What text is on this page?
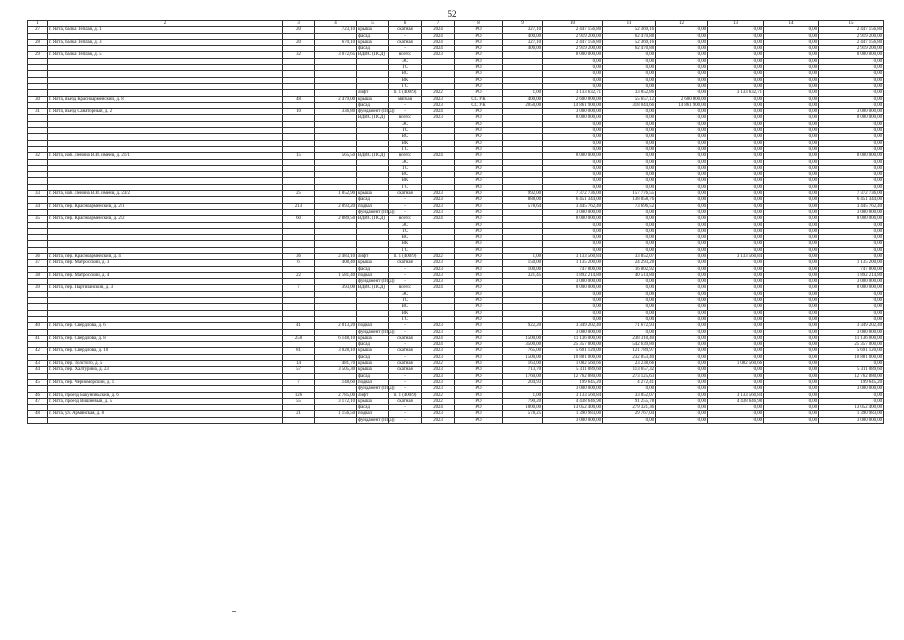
52
1	2	3	4	5	6	7	8	9	10	11	12	13	14	15
27	г. Ялта, балка Теплая, д. 1	20	723,10	крыша	скатная	2024	РО	327,10	2 447 156,80	52 369,16	0,00	0,00	0,00	2 447 156,80
				фасад	-	2024	РО	400,00	2 919 200,00	62 470,88	0,00	0,00	0,00	2 919 200,00
28	г. Ялта, балка Теплая, д. 3	20	670,10	крыша	скатная	2024	РО	327,10	2 447 156,80	52 369,16	0,00	0,00	0,00	2 447 156,80
				фасад	-	2024	РО	400,00	2 919 200,00	62 470,88	0,00	0,00	0,00	2 919 200,00
29	г. Ялта, балка Теплая, д. 5	32	3 072,65	ВДИС (ПСД)	всего:	2023	РО		8 000 000,00	0,00	0,00	0,00	0,00	8 000 000,00
					ЭС		РО		0,00	0,00	0,00	0,00	0,00	0,00
					ТС		РО		0,00	0,00	0,00	0,00	0,00	0,00
					ВС		РО		0,00	0,00	0,00	0,00	0,00	0,00
					ВК		РО		0,00	0,00	0,00	0,00	0,00	0,00
					ГС		РО		0,00	0,00	0,00	0,00	0,00	0,00
				лифт	п. 1 (400/9)	2022	РО	1,00	3 133 632,71	33 852,86	0,00	3 133 632,71	0,00	0,00
30	г. Ялта, въезд Красноармейский, д. 8	48	2 479,00	крыша	мягкая	2023	СС УК	400,00	2 600 800,00	55 657,12	2 600 800,00	0,00	0,00	0,00
				фасад	-	2023	СС УК	2050,00	14 861 900,00	318 044,66	14 861 900,00	0,00	0,00	0,00
31	г. Ялта, въезд Санаторный, д. 2	10	336,80	фундамент (ПСД)	-	2024	РО		3 000 000,00	0,00	0,00	0,00	0,00	3 000 000,00
				ВДИС (ПСД)	всего:	2023	РО		8 000 000,00	0,00	0,00	0,00	0,00	8 000 000,00
					ЭС		РО		0,00	0,00	0,00	0,00	0,00	0,00
					ТС		РО		0,00	0,00	0,00	0,00	0,00	0,00
					ВС		РО		0,00	0,00	0,00	0,00	0,00	0,00
					ВК		РО		0,00	0,00	0,00	0,00	0,00	0,00
					ГС		РО		0,00	0,00	0,00	0,00	0,00	0,00
32	г. Ялта, наб. Ленина В.И. имени, д. 21/1	15	565,50	ВДИС (ПСД)	всего:	2024	РО		8 000 000,00	0,00	0,00	0,00	0,00	8 000 000,00
					ЭС		РО		0,00	0,00	0,00	0,00	0,00	0,00
					ТС		РО		0,00	0,00	0,00	0,00	0,00	0,00
					ВС		РО		0,00	0,00	0,00	0,00	0,00	0,00
					ВК		РО		0,00	0,00	0,00	0,00	0,00	0,00
					ГС		РО		0,00	0,00	0,00	0,00	0,00	0,00
33	г. Ялта, наб. Ленина В.И. имени, д. 23/2	25	1 852,90	крыша	скатная	2023	РО	992,00	7 372 736,00	157 776,55	0,00	0,00	0,00	7 372 736,00
				фасад	-	2023	РО	888,00	6 451 344,00	138 058,76	0,00	0,00	0,00	6 451 344,00
34	г. Ялта, пер. Красноармейский, д. 2/1	213	2 893,20	подвал	-	2023	РО	578,64	3 445 762,40	73 696,52	0,00	0,00	0,00	3 445 762,40
				фундамент (ПСД)	-	2023	РО		3 000 000,00	0,00	0,00	0,00	0,00	3 000 000,00
35	г. Ялта, пер. Красноармейский, д. 2/2	60	2 889,50	ВДИС (ПСД)	всего:	2024	РО		8 000 000,00	0,00	0,00	0,00	0,00	8 000 000,00
					ЭС		РО		0,00	0,00	0,00	0,00	0,00	0,00
					ТС		РО		0,00	0,00	0,00	0,00	0,00	0,00
					ВС		РО		0,00	0,00	0,00	0,00	0,00	0,00
					ВК		РО		0,00	0,00	0,00	0,00	0,00	0,00
					ГС		РО		0,00	0,00	0,00	0,00	0,00	0,00
36	г. Ялта, пер. Красноармейский, д. 4	36	2 483,10	лифт	п. 1 (400/9)	2022	РО	1,00	3 133 560,84	33 852,07	0,00	3 133 560,84	0,00	0,00
37	г. Ялта, пер. Матросский, д. 3	6	408,40	крыша	скатная	2023	РО	150,00	1 135 200,00	24 293,28	0,00	0,00	0,00	1 135 200,00
				фасад	-	2023	РО	100,00	747 800,00	16 002,92	0,00	0,00	0,00	747 800,00
38	г. Ялта, пер. Матросский, д. 4	22	1 581,40	подвал	-	2023	РО	321,45	1 892 214,80	40 514,80	0,00	0,00	0,00	1 892 214,80
				фундамент (ПСД)	-	2023	РО		3 000 000,00	0,00	0,00	0,00	0,00	3 000 000,00
39	г. Ялта, пер. Партизанский, д. 3	7	393,00	ВДИС (ПСД)	всего:	2024	РО		8 000 000,00	0,00	0,00	0,00	0,00	8 000 000,00
					ЭС		РО		0,00	0,00	0,00	0,00	0,00	0,00
					ТС		РО		0,00	0,00	0,00	0,00	0,00	0,00
					ВС		РО		0,00	0,00	0,00	0,00	0,00	0,00
					ВК		РО		0,00	0,00	0,00	0,00	0,00	0,00
					ГС		РО		0,00	0,00	0,00	0,00	0,00	0,00
40	г. Ялта, пер. Свердлова, д. 6	41	2 813,20	подвал	-	2023	РО	922,20	3 349 202,40	71 672,93	0,00	0,00	0,00	3 349 202,40
				фундамент (ПСД)	-	2023	РО		3 000 000,00	0,00	0,00	0,00	0,00	3 000 000,00
41	г. Ялта, пер. Свердлова, д. 8	250	6 148,10	крыша	скатная	2024	РО	1500,00	11 136 000,00	238 310,40	0,00	0,00	0,00	11 136 000,00
				фасад	-	2024	РО	3500,00	25 357 000,00	542 639,80	0,00	0,00	0,00	25 357 000,00
42	г. Ялта, пер. Свердлова, д. 10	81	3 028,10	крыша	скатная	2023	РО	765,00	5 691 120,00	121 789,97	0,00	0,00	0,00	5 691 120,00
				фасад	-	2023	РО	1500,00	10 881 000,00	232 853,40	0,00	0,00	0,00	10 881 000,00
43	г. Ялта, пер. Толстого, д. 5	14	481,70	крыша	скатная	2022	РО	163,00	1 082 560,66	23 238,66	0,00	1 082 560,66	0,00	0,00
44	г. Ялта, пер. Халтурина, д. 23	57	3 505,30	крыша	скатная	2023	РО	713,70	5 311 089,60	113 657,32	0,00	0,00	0,00	5 311 089,60
				фасад	-	2023	РО	1760,00	12 762 880,00	273 125,63	0,00	0,00	0,00	12 762 880,00
45	г. Ялта, пер. Черноморский, д. 1	7	148,60	подвал	-	2023	РО	204,93	199 645,20	4 272,41	0,00	0,00	0,00	199 645,20
				фундамент (ПСД)	-	2023	РО		3 000 000,00	0,00	0,00	0,00	0,00	3 000 000,00
46	г. Ялта, проезд Бакуниньский, д. 6	126	2 785,00	лифт	п. 1 (400/9)	2022	РО	1,00	3 133 560,84	33 852,07	0,00	3 133 560,84	0,00	0,00
47	г. Ялта, проезд Вишневый, д. 5	55	3 172,10	крыша	скатная	2022	РО	790,20	4 438 646,98	91 255,78	0,00	4 438 646,98	0,00	0,00
				фасад	-	2024	РО	1800,00	13 052 400,00	279 321,36	0,00	0,00	0,00	13 052 400,00
48	г. Ялта, ул. Армянская, д. 8	21	1 156,50	подвал	-	2023	РО	578,25	1 390 983,00	29 767,04	0,00	0,00	0,00	1 390 983,00
				фундамент (ПСД)	-	2023	РО		3 000 000,00	0,00	0,00	0,00	0,00	3 000 000,00
